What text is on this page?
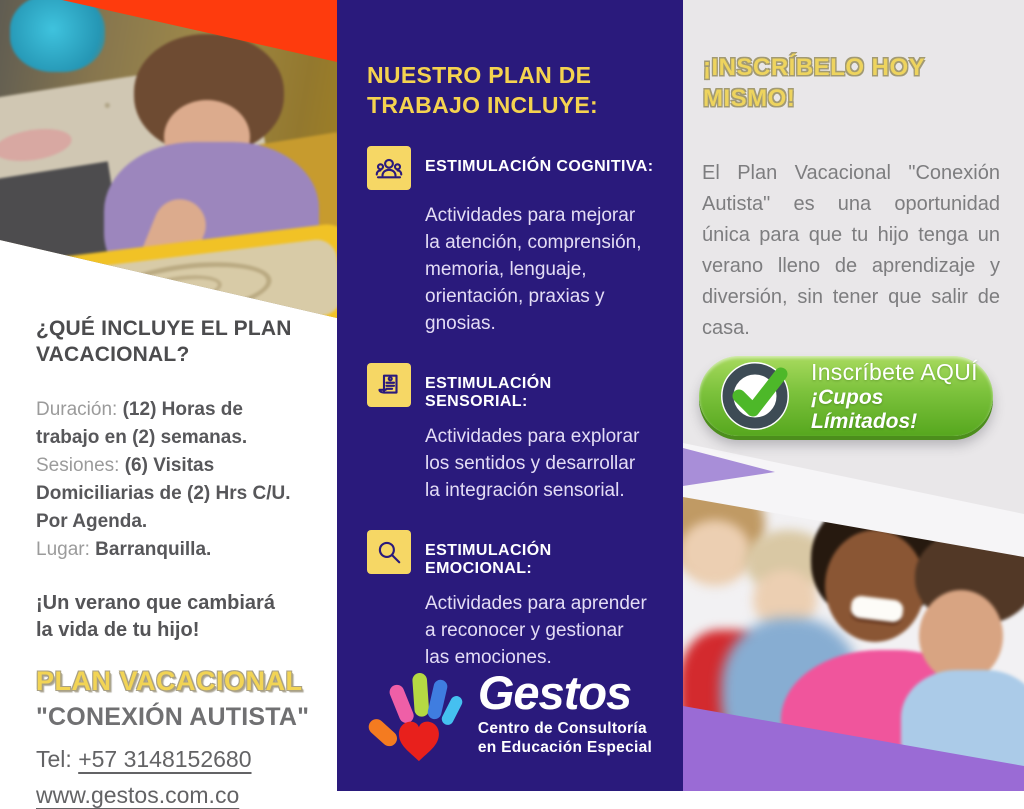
¿QUÉ INCLUYE EL PLAN VACACIONAL?
Duración: (12) Horas de trabajo en (2) semanas.
Sesiones: (6) Visitas Domiciliarias de (2) Hrs C/U. Por Agenda.
Lugar: Barranquilla.
¡Un verano que cambiará la vida de tu hijo!
PLAN VACACIONAL
"CONEXIÓN AUTISTA"
Tel: +57 3148152680
www.gestos.com.co
NUESTRO PLAN DE TRABAJO INCLUYE:
ESTIMULACIÓN COGNITIVA:

Actividades para mejorar la atención, comprensión, memoria, lenguaje, orientación, praxias y gnosias.

ESTIMULACIÓN SENSORIAL:

Actividades para explorar los sentidos y desarrollar la integración sensorial.

ESTIMULACIÓN EMOCIONAL:

Actividades para aprender a reconocer y gestionar las emociones.

Gestos
Centro de Consultoría
en Educación Especial
¡INSCRÍBELO HOY MISMO!

El Plan Vacacional "Conexión Autista" es una oportunidad única para que tu hijo tenga un verano lleno de aprendizaje y diversión, sin tener que salir de casa.

Inscríbete AQUÍ
¡Cupos Límitados!
